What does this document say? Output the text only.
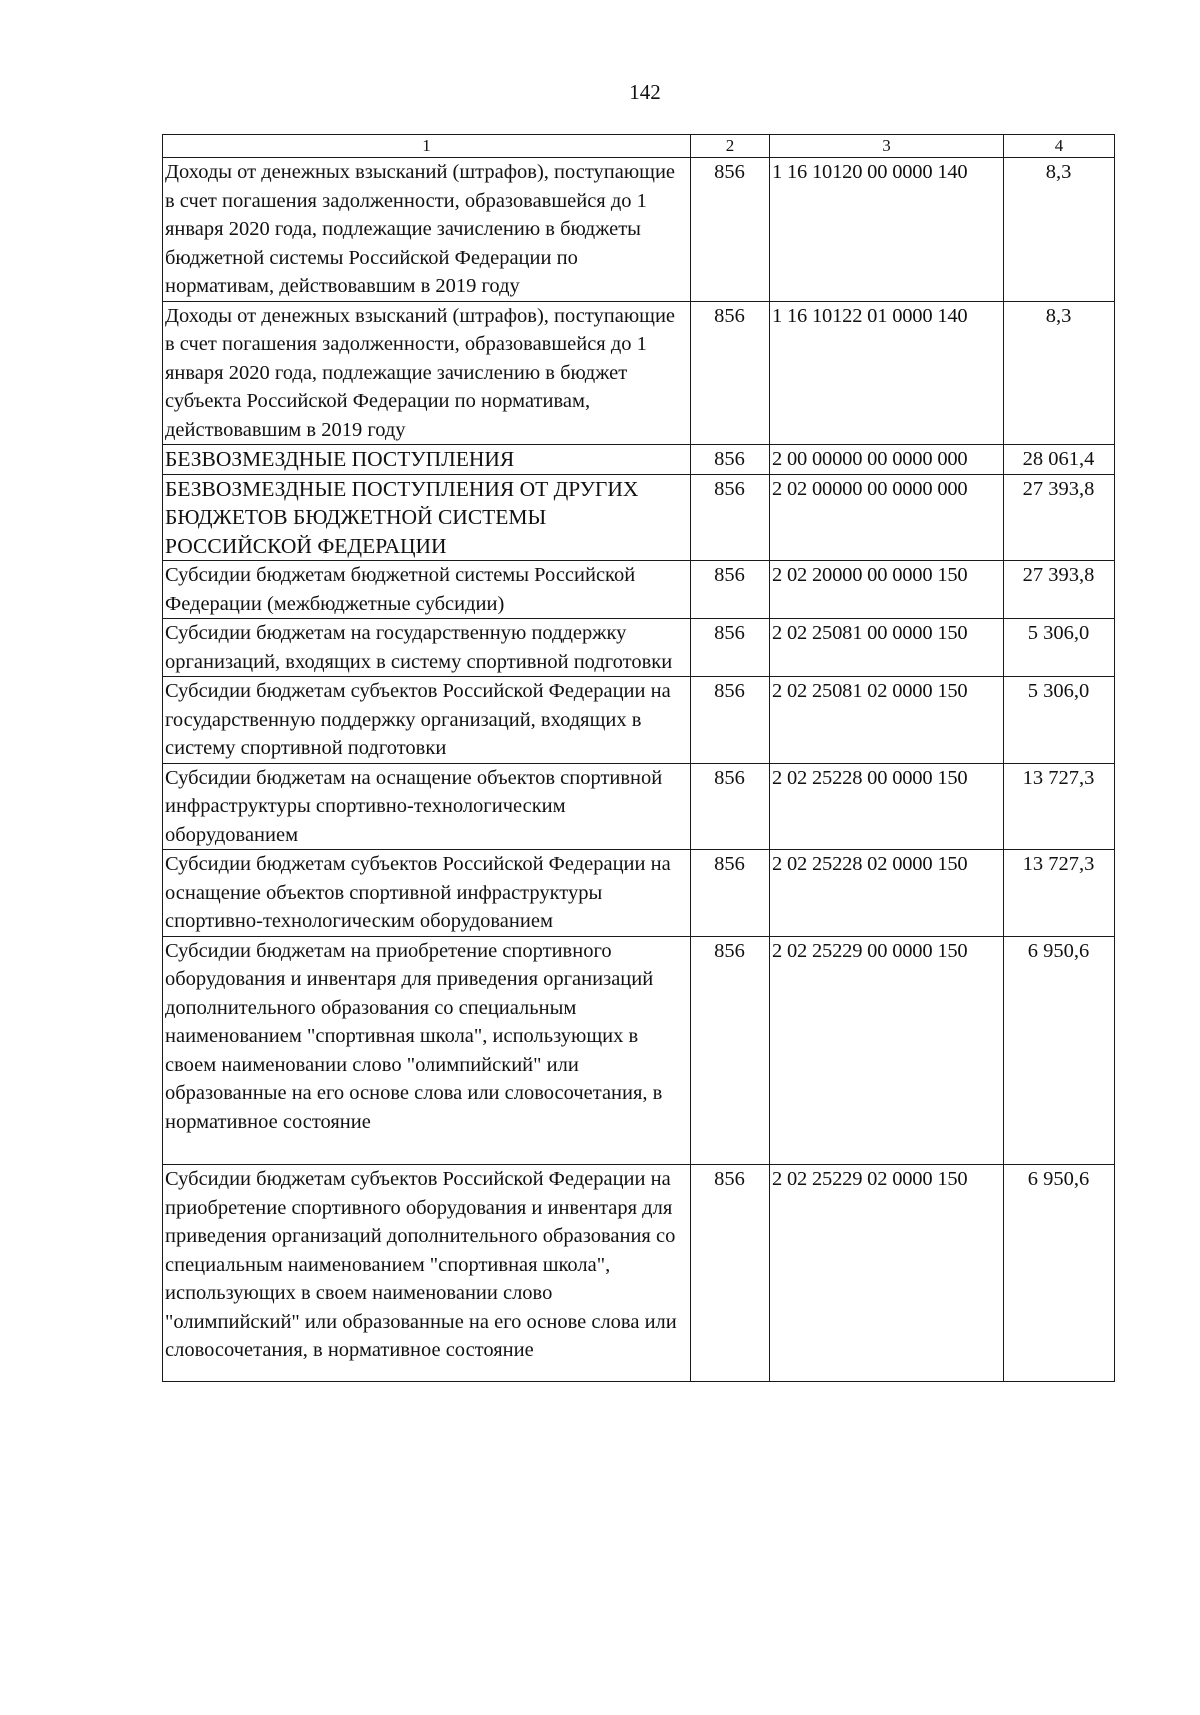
142
1	2	3	4
Доходы от денежных взысканий (штрафов), поступающие в счет погашения задолженности, образовавшейся до 1 января 2020 года, подлежащие зачислению в бюджеты бюджетной системы Российской Федерации по нормативам, действовавшим в 2019 году	856	1 16 10120 00 0000 140	8,3
Доходы от денежных взысканий (штрафов), поступающие в счет погашения задолженности, образовавшейся до 1 января 2020 года, подлежащие зачислению в бюджет субъекта Российской Федерации по нормативам, действовавшим в 2019 году	856	1 16 10122 01 0000 140	8,3
БЕЗВОЗМЕЗДНЫЕ ПОСТУПЛЕНИЯ	856	2 00 00000 00 0000 000	28 061,4
БЕЗВОЗМЕЗДНЫЕ ПОСТУПЛЕНИЯ ОТ ДРУГИХ БЮДЖЕТОВ БЮДЖЕТНОЙ СИСТЕМЫ РОССИЙСКОЙ ФЕДЕРАЦИИ	856	2 02 00000 00 0000 000	27 393,8
Субсидии бюджетам бюджетной системы Российской Федерации (межбюджетные субсидии)	856	2 02 20000 00 0000 150	27 393,8
Субсидии бюджетам на государственную поддержку организаций, входящих в систему спортивной подготовки	856	2 02 25081 00 0000 150	5 306,0
Субсидии бюджетам субъектов Российской Федерации на государственную поддержку организаций, входящих в систему спортивной подготовки	856	2 02 25081 02 0000 150	5 306,0
Субсидии бюджетам на оснащение объектов спортивной инфраструктуры спортивно-технологическим оборудованием	856	2 02 25228 00 0000 150	13 727,3
Субсидии бюджетам субъектов Российской Федерации на оснащение объектов спортивной инфраструктуры спортивно-технологическим оборудованием	856	2 02 25228 02 0000 150	13 727,3
Субсидии бюджетам на приобретение спортивного оборудования и инвентаря для приведения организаций дополнительного образования со специальным наименованием "спортивная школа", использующих в своем наименовании слово "олимпийский" или образованные на его основе слова или словосочетания, в нормативное состояние	856	2 02 25229 00 0000 150	6 950,6
Субсидии бюджетам субъектов Российской Федерации на приобретение спортивного оборудования и инвентаря для приведения организаций дополнительного образования со специальным наименованием "спортивная школа", использующих в своем наименовании слово "олимпийский" или образованные на его основе слова или словосочетания, в нормативное состояние	856	2 02 25229 02 0000 150	6 950,6
